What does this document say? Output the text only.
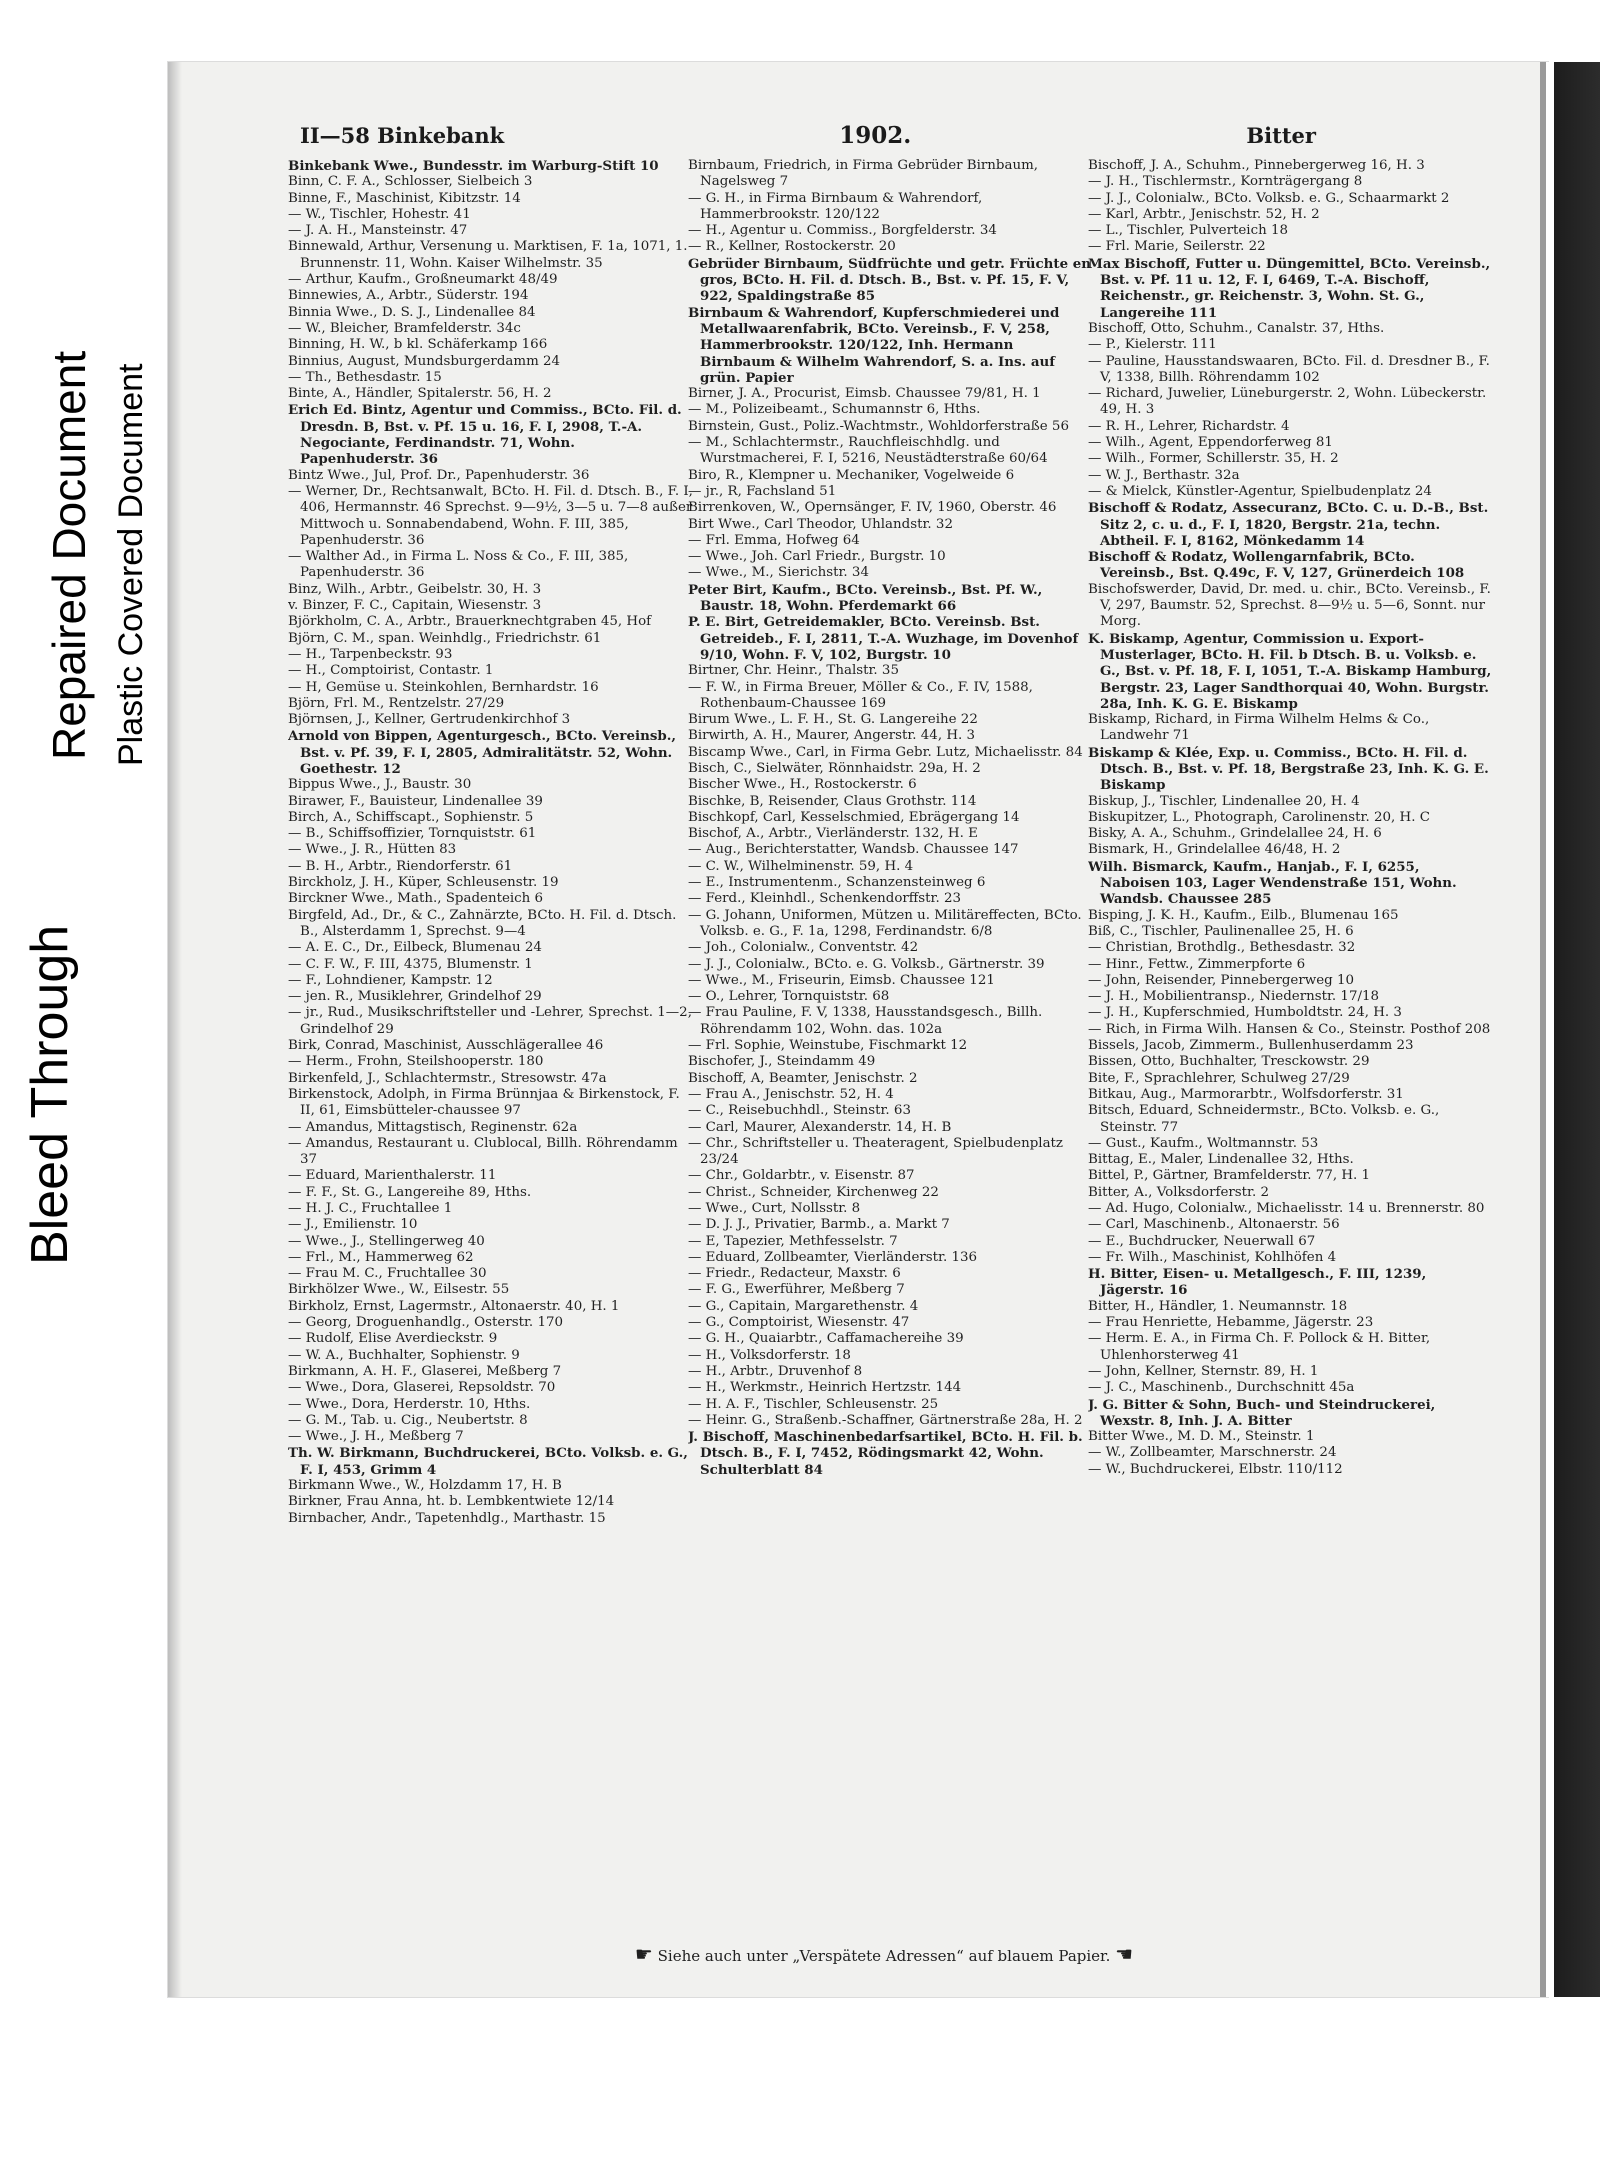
Bleed Through
Repaired Document Plastic Covered Document
II—58 Binkebank	1902.	Bitter

Binkebank Wwe., Bundesstr. im Warburg-Stift 10

Binn, C. F. A., Schlosser, Sielbeich 3

Binne, F., Maschinist, Kibitzstr. 14

— W., Tischler, Hohestr. 41

— J. A. H., Mansteinstr. 47

Binnewald, Arthur, Versenung u. Marktisen, F. 1a, 1071, 1. Brunnenstr. 11, Wohn. Kaiser Wilhelmstr. 35

— Arthur, Kaufm., Großneumarkt 48/49

Binnewies, A., Arbtr., Süderstr. 194

Binnia Wwe., D. S. J., Lindenallee 84

— W., Bleicher, Bramfelderstr. 34c

Binning, H. W., b kl. Schäferkamp 166

Binnius, August, Mundsburgerdamm 24

— Th., Bethesdastr. 15

Binte, A., Händler, Spitalerstr. 56, H. 2

Erich Ed. Bintz, Agentur und Commiss., BCto. Fil. d. Dresdn. B, Bst. v. Pf. 15 u. 16, F. I, 2908, T.-A. Negociante, Ferdinandstr. 71, Wohn. Papenhuderstr. 36

Bintz Wwe., Jul, Prof. Dr., Papenhuderstr. 36

— Werner, Dr., Rechtsanwalt, BCto. H. Fil. d. Dtsch. B., F. I, 406, Hermannstr. 46 Sprechst. 9—9½, 3—5 u. 7—8 außer Mittwoch u. Sonnabendabend, Wohn. F. III, 385, Papenhuderstr. 36

— Walther Ad., in Firma L. Noss & Co., F. III, 385, Papenhuderstr. 36

Binz, Wilh., Arbtr., Geibelstr. 30, H. 3

v. Binzer, F. C., Capitain, Wiesenstr. 3

Björkholm, C. A., Arbtr., Brauerknechtgraben 45, Hof

Björn, C. M., span. Weinhdlg., Friedrichstr. 61

— H., Tarpenbeckstr. 93

— H., Comptoirist, Contastr. 1

— H, Gemüse u. Steinkohlen, Bernhardstr. 16

Björn, Frl. M., Rentzelstr. 27/29

Björnsen, J., Kellner, Gertrudenkirchhof 3

Arnold von Bippen, Agenturgesch., BCto. Vereinsb., Bst. v. Pf. 39, F. I, 2805, Admiralitätstr. 52, Wohn. Goethestr. 12

Bippus Wwe., J., Baustr. 30

Birawer, F., Bauisteur, Lindenallee 39

Birch, A., Schiffscapt., Sophienstr. 5

— B., Schiffsoffizier, Tornquiststr. 61

— Wwe., J. R., Hütten 83

— B. H., Arbtr., Riendorferstr. 61

Birckholz, J. H., Küper, Schleusenstr. 19

Birckner Wwe., Math., Spadenteich 6

Birgfeld, Ad., Dr., & C., Zahnärzte, BCto. H. Fil. d. Dtsch. B., Alsterdamm 1, Sprechst. 9—4

— A. E. C., Dr., Eilbeck, Blumenau 24

— C. F. W., F. III, 4375, Blumenstr. 1

— F., Lohndiener, Kampstr. 12

— jen. R., Musiklehrer, Grindelhof 29

— jr., Rud., Musikschriftsteller und -Lehrer, Sprechst. 1—2, Grindelhof 29

Birk, Conrad, Maschinist, Ausschlägerallee 46

— Herm., Frohn, Steilshooperstr. 180

Birkenfeld, J., Schlachtermstr., Stresowstr. 47a

Birkenstock, Adolph, in Firma Brünnjaa & Birkenstock, F. II, 61, Eimsbütteler-chaussee 97

— Amandus, Mittagstisch, Reginenstr. 62a

— Amandus, Restaurant u. Clublocal, Billh. Röhrendamm 37

— Eduard, Marienthalerstr. 11

— F. F., St. G., Langereihe 89, Hths.

— H. J. C., Fruchtallee 1

— J., Emilienstr. 10

— Wwe., J., Stellingerweg 40

— Frl., M., Hammerweg 62

— Frau M. C., Fruchtallee 30

Birkhölzer Wwe., W., Eilsestr. 55

Birkholz, Ernst, Lagermstr., Altonaerstr. 40, H. 1

— Georg, Droguenhandlg., Osterstr. 170

— Rudolf, Elise Averdieckstr. 9

— W. A., Buchhalter, Sophienstr. 9

Birkmann, A. H. F., Glaserei, Meßberg 7

— Wwe., Dora, Glaserei, Repsoldstr. 70

— Wwe., Dora, Herderstr. 10, Hths.

— G. M., Tab. u. Cig., Neubertstr. 8

— Wwe., J. H., Meßberg 7

Th. W. Birkmann, Buchdruckerei, BCto. Volksb. e. G., F. I, 453, Grimm 4

Birkmann Wwe., W., Holzdamm 17, H. B

Birkner, Frau Anna, ht. b. Lembkentwiete 12/14

Birnbacher, Andr., Tapetenhdlg., Marthastr. 15

Birnbaum, Friedrich, in Firma Gebrüder Birnbaum, Nagelsweg 7

— G. H., in Firma Birnbaum & Wahrendorf, Hammerbrookstr. 120/122

— H., Agentur u. Commiss., Borgfelderstr. 34

— R., Kellner, Rostockerstr. 20

Gebrüder Birnbaum, Südfrüchte und getr. Früchte en gros, BCto. H. Fil. d. Dtsch. B., Bst. v. Pf. 15, F. V, 922, Spaldingstraße 85

Birnbaum & Wahrendorf, Kupferschmiederei und Metallwaarenfabrik, BCto. Vereinsb., F. V, 258, Hammerbrookstr. 120/122, Inh. Hermann Birnbaum & Wilhelm Wahrendorf, S. a. Ins. auf grün. Papier

Birner, J. A., Procurist, Eimsb. Chaussee 79/81, H. 1

— M., Polizeibeamt., Schumannstr 6, Hths.

Birnstein, Gust., Poliz.-Wachtmstr., Wohldorferstraße 56

— M., Schlachtermstr., Rauchfleischhdlg. und Wurstmacherei, F. I, 5216, Neustädterstraße 60/64

Biro, R., Klempner u. Mechaniker, Vogelweide 6

— jr., R, Fachsland 51

Birrenkoven, W., Opernsänger, F. IV, 1960, Oberstr. 46

Birt Wwe., Carl Theodor, Uhlandstr. 32

— Frl. Emma, Hofweg 64

— Wwe., Joh. Carl Friedr., Burgstr. 10

— Wwe., M., Sierichstr. 34

Peter Birt, Kaufm., BCto. Vereinsb., Bst. Pf. W., Baustr. 18, Wohn. Pferdemarkt 66

P. E. Birt, Getreidemakler, BCto. Vereinsb. Bst. Getreideb., F. I, 2811, T.-A. Wuzhage, im Dovenhof 9/10, Wohn. F. V, 102, Burgstr. 10

Birtner, Chr. Heinr., Thalstr. 35

— F. W., in Firma Breuer, Möller & Co., F. IV, 1588, Rothenbaum-Chaussee 169

Birum Wwe., L. F. H., St. G. Langereihe 22

Birwirth, A. H., Maurer, Angerstr. 44, H. 3

Biscamp Wwe., Carl, in Firma Gebr. Lutz, Michaelisstr. 84

Bisch, C., Sielwäter, Rönnhaidstr. 29a, H. 2

Bischer Wwe., H., Rostockerstr. 6

Bischke, B, Reisender, Claus Grothstr. 114

Bischkopf, Carl, Kesselschmied, Ebrägergang 14

Bischof, A., Arbtr., Vierländerstr. 132, H. E

— Aug., Berichterstatter, Wandsb. Chaussee 147

— C. W., Wilhelminenstr. 59, H. 4

— E., Instrumentenm., Schanzensteinweg 6

— Ferd., Kleinhdl., Schenkendorffstr. 23

— G. Johann, Uniformen, Mützen u. Militäreffecten, BCto. Volksb. e. G., F. 1a, 1298, Ferdinandstr. 6/8

— Joh., Colonialw., Conventstr. 42

— J. J., Colonialw., BCto. e. G. Volksb., Gärtnerstr. 39

— Wwe., M., Friseurin, Eimsb. Chaussee 121

— O., Lehrer, Tornquiststr. 68

— Frau Pauline, F. V, 1338, Hausstandsgesch., Billh. Röhrendamm 102, Wohn. das. 102a

— Frl. Sophie, Weinstube, Fischmarkt 12

Bischofer, J., Steindamm 49

Bischoff, A, Beamter, Jenischstr. 2

— Frau A., Jenischstr. 52, H. 4

— C., Reisebuchhdl., Steinstr. 63

— Carl, Maurer, Alexanderstr. 14, H. B

— Chr., Schriftsteller u. Theateragent, Spielbudenplatz 23/24

— Chr., Goldarbtr., v. Eisenstr. 87

— Christ., Schneider, Kirchenweg 22

— Wwe., Curt, Nollsstr. 8

— D. J. J., Privatier, Barmb., a. Markt 7

— E, Tapezier, Methfesselstr. 7

— Eduard, Zollbeamter, Vierländerstr. 136

— Friedr., Redacteur, Maxstr. 6

— F. G., Ewerführer, Meßberg 7

— G., Capitain, Margarethenstr. 4

— G., Comptoirist, Wiesenstr. 47

— G. H., Quaiarbtr., Caffamachereihe 39

— H., Volksdorferstr. 18

— H., Arbtr., Druvenhof 8

— H., Werkmstr., Heinrich Hertzstr. 144

— H. A. F., Tischler, Schleusenstr. 25

— Heinr. G., Straßenb.-Schaffner, Gärtnerstraße 28a, H. 2

J. Bischoff, Maschinenbedarfsartikel, BCto. H. Fil. b. Dtsch. B., F. I, 7452, Rödingsmarkt 42, Wohn. Schulterblatt 84

Bischoff, J. A., Schuhm., Pinnebergerweg 16, H. 3

— J. H., Tischlermstr., Kornträgergang 8

— J. J., Colonialw., BCto. Volksb. e. G., Schaarmarkt 2

— Karl, Arbtr., Jenischstr. 52, H. 2

— L., Tischler, Pulverteich 18

— Frl. Marie, Seilerstr. 22

Max Bischoff, Futter u. Düngemittel, BCto. Vereinsb., Bst. v. Pf. 11 u. 12, F. I, 6469, T.-A. Bischoff, Reichenstr., gr. Reichenstr. 3, Wohn. St. G., Langereihe 111

Bischoff, Otto, Schuhm., Canalstr. 37, Hths.

— P., Kielerstr. 111

— Pauline, Hausstandswaaren, BCto. Fil. d. Dresdner B., F. V, 1338, Billh. Röhrendamm 102

— Richard, Juwelier, Lüneburgerstr. 2, Wohn. Lübeckerstr. 49, H. 3

— R. H., Lehrer, Richardstr. 4

— Wilh., Agent, Eppendorferweg 81

— Wilh., Former, Schillerstr. 35, H. 2

— W. J., Berthastr. 32a

— & Mielck, Künstler-Agentur, Spielbudenplatz 24

Bischoff & Rodatz, Assecuranz, BCto. C. u. D.-B., Bst. Sitz 2, c. u. d., F. I, 1820, Bergstr. 21a, techn. Abtheil. F. I, 8162, Mönkedamm 14

Bischoff & Rodatz, Wollengarnfabrik, BCto. Vereinsb., Bst. Q.49c, F. V, 127, Grünerdeich 108

Bischofswerder, David, Dr. med. u. chir., BCto. Vereinsb., F. V, 297, Baumstr. 52, Sprechst. 8—9½ u. 5—6, Sonnt. nur Morg.

K. Biskamp, Agentur, Commission u. Export-Musterlager, BCto. H. Fil. b Dtsch. B. u. Volksb. e. G., Bst. v. Pf. 18, F. I, 1051, T.-A. Biskamp Hamburg, Bergstr. 23, Lager Sandthorquai 40, Wohn. Burgstr. 28a, Inh. K. G. E. Biskamp

Biskamp, Richard, in Firma Wilhelm Helms & Co., Landwehr 71

Biskamp & Klée, Exp. u. Commiss., BCto. H. Fil. d. Dtsch. B., Bst. v. Pf. 18, Bergstraße 23, Inh. K. G. E. Biskamp

Biskup, J., Tischler, Lindenallee 20, H. 4

Biskupitzer, L., Photograph, Carolinenstr. 20, H. C

Bisky, A. A., Schuhm., Grindelallee 24, H. 6

Bismark, H., Grindelallee 46/48, H. 2

Wilh. Bismarck, Kaufm., Hanjab., F. I, 6255, Naboisen 103, Lager Wendenstraße 151, Wohn. Wandsb. Chaussee 285

Bisping, J. K. H., Kaufm., Eilb., Blumenau 165

Biß, C., Tischler, Paulinenallee 25, H. 6

— Christian, Brothdlg., Bethesdastr. 32

— Hinr., Fettw., Zimmerpforte 6

— John, Reisender, Pinnebergerweg 10

— J. H., Mobilientransp., Niedernstr. 17/18

— J. H., Kupferschmied, Humboldtstr. 24, H. 3

— Rich, in Firma Wilh. Hansen & Co., Steinstr. Posthof 208

Bissels, Jacob, Zimmerm., Bullenhuserdamm 23

Bissen, Otto, Buchhalter, Tresckowstr. 29

Bite, F., Sprachlehrer, Schulweg 27/29

Bitkau, Aug., Marmorarbtr., Wolfsdorferstr. 31

Bitsch, Eduard, Schneidermstr., BCto. Volksb. e. G., Steinstr. 77

— Gust., Kaufm., Woltmannstr. 53

Bittag, E., Maler, Lindenallee 32, Hths.

Bittel, P., Gärtner, Bramfelderstr. 77, H. 1

Bitter, A., Volksdorferstr. 2

— Ad. Hugo, Colonialw., Michaelisstr. 14 u. Brennerstr. 80

— Carl, Maschinenb., Altonaerstr. 56

— E., Buchdrucker, Neuerwall 67

— Fr. Wilh., Maschinist, Kohlhöfen 4

H. Bitter, Eisen- u. Metallgesch., F. III, 1239, Jägerstr. 16

Bitter, H., Händler, 1. Neumannstr. 18

— Frau Henriette, Hebamme, Jägerstr. 23

— Herm. E. A., in Firma Ch. F. Pollock & H. Bitter, Uhlenhorsterweg 41

— John, Kellner, Sternstr. 89, H. 1

— J. C., Maschinenb., Durchschnitt 45a

J. G. Bitter & Sohn, Buch- und Steindruckerei, Wexstr. 8, Inh. J. A. Bitter

Bitter Wwe., M. D. M., Steinstr. 1

— W., Zollbeamter, Marschnerstr. 24

— W., Buchdruckerei, Elbstr. 110/112

☛ Siehe auch unter „Verspätete Adressen“ auf blauem Papier. ☚
